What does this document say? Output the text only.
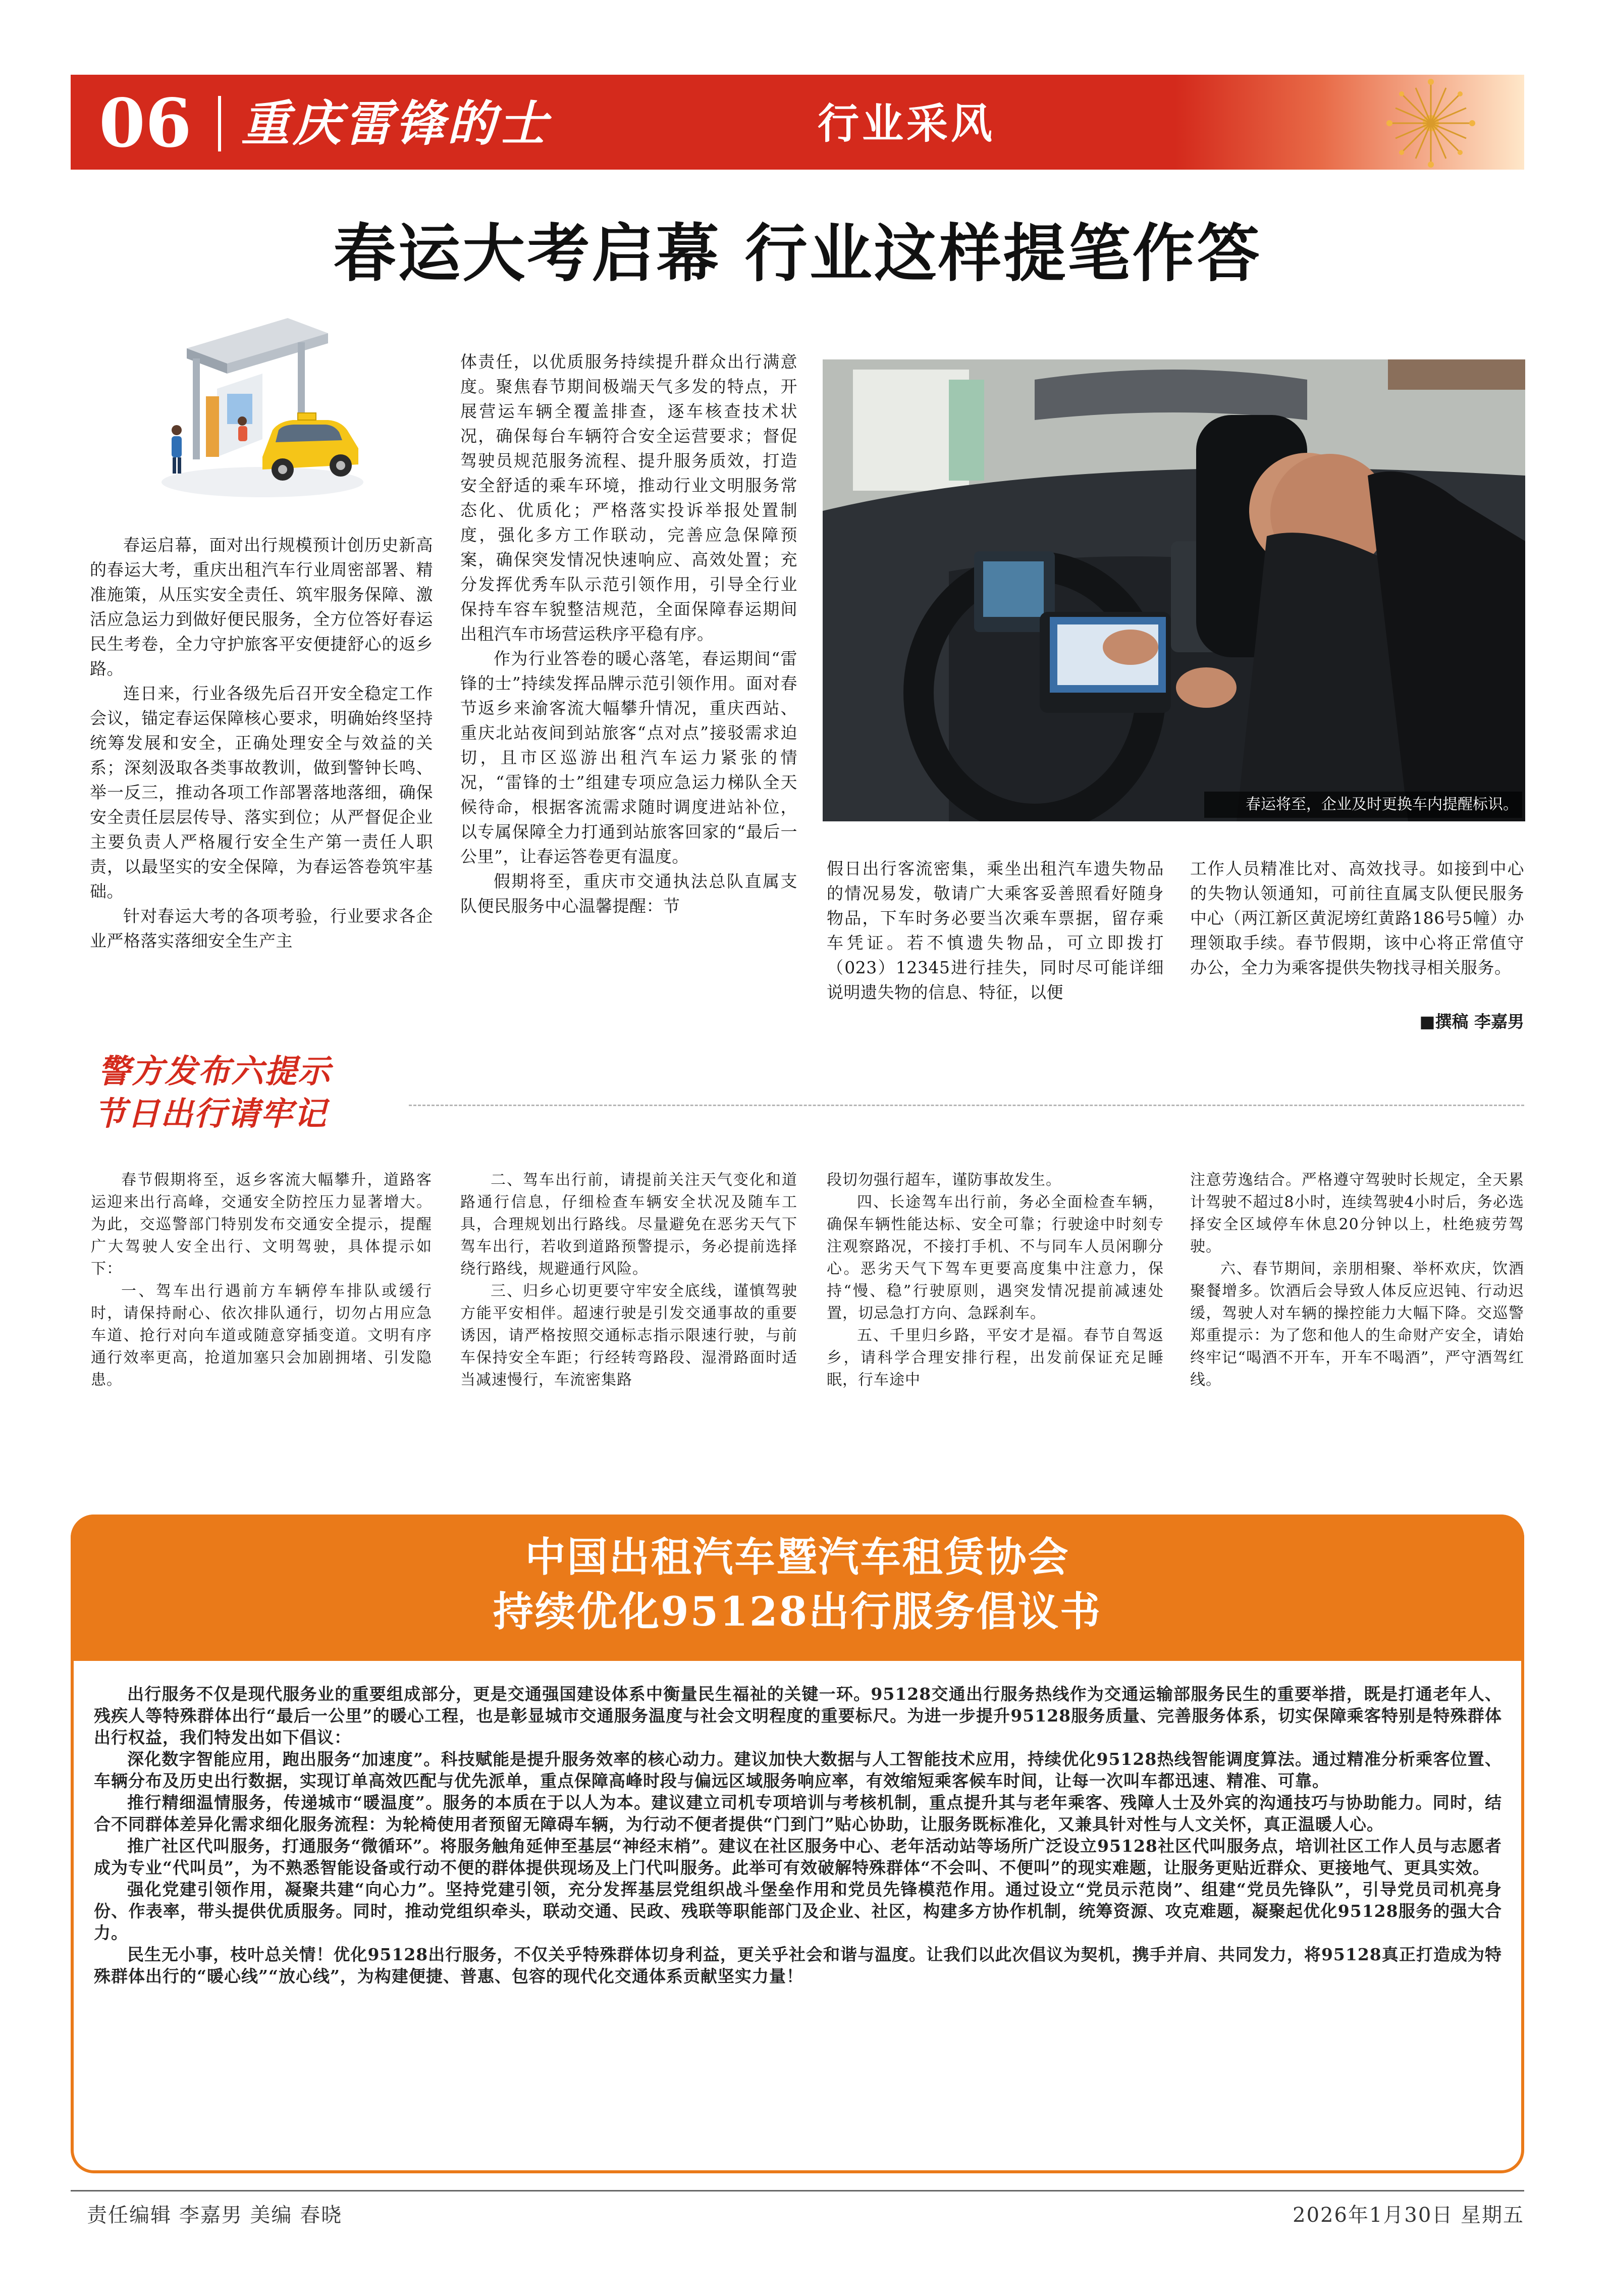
06 重庆雷锋的士	行业采风
春运大考启幕 行业这样提笔作答

春运启幕，面对出行规模预计创历史新高的春运大考，重庆出租汽车行业周密部署、精准施策，从压实安全责任、筑牢服务保障、激活应急运力到做好便民服务，全方位答好春运民生考卷，全力守护旅客平安便捷舒心的返乡路。

连日来，行业各级先后召开安全稳定工作会议，锚定春运保障核心要求，明确始终坚持统筹发展和安全，正确处理安全与效益的关系；深刻汲取各类事故教训，做到警钟长鸣、举一反三，推动各项工作部署落地落细，确保安全责任层层传导、落实到位；从严督促企业主要负责人严格履行安全生产第一责任人职责，以最坚实的安全保障，为春运答卷筑牢基础。

针对春运大考的各项考验，行业要求各企业严格落实落细安全生产主

体责任，以优质服务持续提升群众出行满意度。聚焦春节期间极端天气多发的特点，开展营运车辆全覆盖排查，逐车核查技术状况，确保每台车辆符合安全运营要求；督促驾驶员规范服务流程、提升服务质效，打造安全舒适的乘车环境，推动行业文明服务常态化、优质化；严格落实投诉举报处置制度，强化多方工作联动，完善应急保障预案，确保突发情况快速响应、高效处置；充分发挥优秀车队示范引领作用，引导全行业保持车容车貌整洁规范，全面保障春运期间出租汽车市场营运秩序平稳有序。

作为行业答卷的暖心落笔，春运期间“雷锋的士”持续发挥品牌示范引领作用。面对春节返乡来渝客流大幅攀升情况，重庆西站、重庆北站夜间到站旅客“点对点”接驳需求迫切，且市区巡游出租汽车运力紧张的情况，“雷锋的士”组建专项应急运力梯队全天候待命，根据客流需求随时调度进站补位，以专属保障全力打通到站旅客回家的“最后一公里”，让春运答卷更有温度。

假期将至，重庆市交通执法总队直属支队便民服务中心温馨提醒：节

春运将至，企业及时更换车内提醒标识。

假日出行客流密集，乘坐出租汽车遗失物品的情况易发，敬请广大乘客妥善照看好随身物品，下车时务必要当次乘车票据，留存乘车凭证。若不慎遗失物品，可立即拨打（023）12345进行挂失，同时尽可能详细说明遗失物的信息、特征，以便

工作人员精准比对、高效找寻。如接到中心的失物认领通知，可前往直属支队便民服务中心（两江新区黄泥塝红黄路186号5幢）办理领取手续。春节假期，该中心将正常值守办公，全力为乘客提供失物找寻相关服务。

■撰稿 李嘉男
警方发布六提示
节日出行请牢记

春节假期将至，返乡客流大幅攀升，道路客运迎来出行高峰，交通安全防控压力显著增大。为此，交巡警部门特别发布交通安全提示，提醒广大驾驶人安全出行、文明驾驶，具体提示如下：

一、驾车出行遇前方车辆停车排队或缓行时，请保持耐心、依次排队通行，切勿占用应急车道、抢行对向车道或随意穿插变道。文明有序通行效率更高，抢道加塞只会加剧拥堵、引发隐患。

二、驾车出行前，请提前关注天气变化和道路通行信息，仔细检查车辆安全状况及随车工具，合理规划出行路线。尽量避免在恶劣天气下驾车出行，若收到道路预警提示，务必提前选择绕行路线，规避通行风险。

三、归乡心切更要守牢安全底线，谨慎驾驶方能平安相伴。超速行驶是引发交通事故的重要诱因，请严格按照交通标志指示限速行驶，与前车保持安全车距；行经转弯路段、湿滑路面时适当减速慢行，车流密集路

段切勿强行超车，谨防事故发生。

四、长途驾车出行前，务必全面检查车辆，确保车辆性能达标、安全可靠；行驶途中时刻专注观察路况，不接打手机、不与同车人员闲聊分心。恶劣天气下驾车更要高度集中注意力，保持“慢、稳”行驶原则，遇突发情况提前减速处置，切忌急打方向、急踩刹车。

五、千里归乡路，平安才是福。春节自驾返乡，请科学合理安排行程，出发前保证充足睡眠，行车途中

注意劳逸结合。严格遵守驾驶时长规定，全天累计驾驶不超过8小时，连续驾驶4小时后，务必选择安全区域停车休息20分钟以上，杜绝疲劳驾驶。

六、春节期间，亲朋相聚、举杯欢庆，饮酒聚餐增多。饮酒后会导致人体反应迟钝、行动迟缓，驾驶人对车辆的操控能力大幅下降。交巡警郑重提示：为了您和他人的生命财产安全，请始终牢记“喝酒不开车，开车不喝酒”，严守酒驾红线。

中国出租汽车暨汽车租赁协会
持续优化95128出行服务倡议书

出行服务不仅是现代服务业的重要组成部分，更是交通强国建设体系中衡量民生福祉的关键一环。95128交通出行服务热线作为交通运输部服务民生的重要举措，既是打通老年人、残疾人等特殊群体出行“最后一公里”的暖心工程，也是彰显城市交通服务温度与社会文明程度的重要标尺。为进一步提升95128服务质量、完善服务体系，切实保障乘客特别是特殊群体出行权益，我们特发出如下倡议：

深化数字智能应用，跑出服务“加速度”。科技赋能是提升服务效率的核心动力。建议加快大数据与人工智能技术应用，持续优化95128热线智能调度算法。通过精准分析乘客位置、车辆分布及历史出行数据，实现订单高效匹配与优先派单，重点保障高峰时段与偏远区域服务响应率，有效缩短乘客候车时间，让每一次叫车都迅速、精准、可靠。

推行精细温情服务，传递城市“暖温度”。服务的本质在于以人为本。建议建立司机专项培训与考核机制，重点提升其与老年乘客、残障人士及外宾的沟通技巧与协助能力。同时，结合不同群体差异化需求细化服务流程：为轮椅使用者预留无障碍车辆，为行动不便者提供“门到门”贴心协助，让服务既标准化，又兼具针对性与人文关怀，真正温暖人心。

推广社区代叫服务，打通服务“微循环”。将服务触角延伸至基层“神经末梢”。建议在社区服务中心、老年活动站等场所广泛设立95128社区代叫服务点，培训社区工作人员与志愿者成为专业“代叫员”，为不熟悉智能设备或行动不便的群体提供现场及上门代叫服务。此举可有效破解特殊群体“不会叫、不便叫”的现实难题，让服务更贴近群众、更接地气、更具实效。

强化党建引领作用，凝聚共建“向心力”。坚持党建引领，充分发挥基层党组织战斗堡垒作用和党员先锋模范作用。通过设立“党员示范岗”、组建“党员先锋队”，引导党员司机亮身份、作表率，带头提供优质服务。同时，推动党组织牵头，联动交通、民政、残联等职能部门及企业、社区，构建多方协作机制，统筹资源、攻克难题，凝聚起优化95128服务的强大合力。

民生无小事，枝叶总关情！优化95128出行服务，不仅关乎特殊群体切身利益，更关乎社会和谐与温度。让我们以此次倡议为契机，携手并肩、共同发力，将95128真正打造成为特殊群体出行的“暖心线”“放心线”，为构建便捷、普惠、包容的现代化交通体系贡献坚实力量！

责任编辑 李嘉男 美编 春晓	2026年1月30日 星期五
